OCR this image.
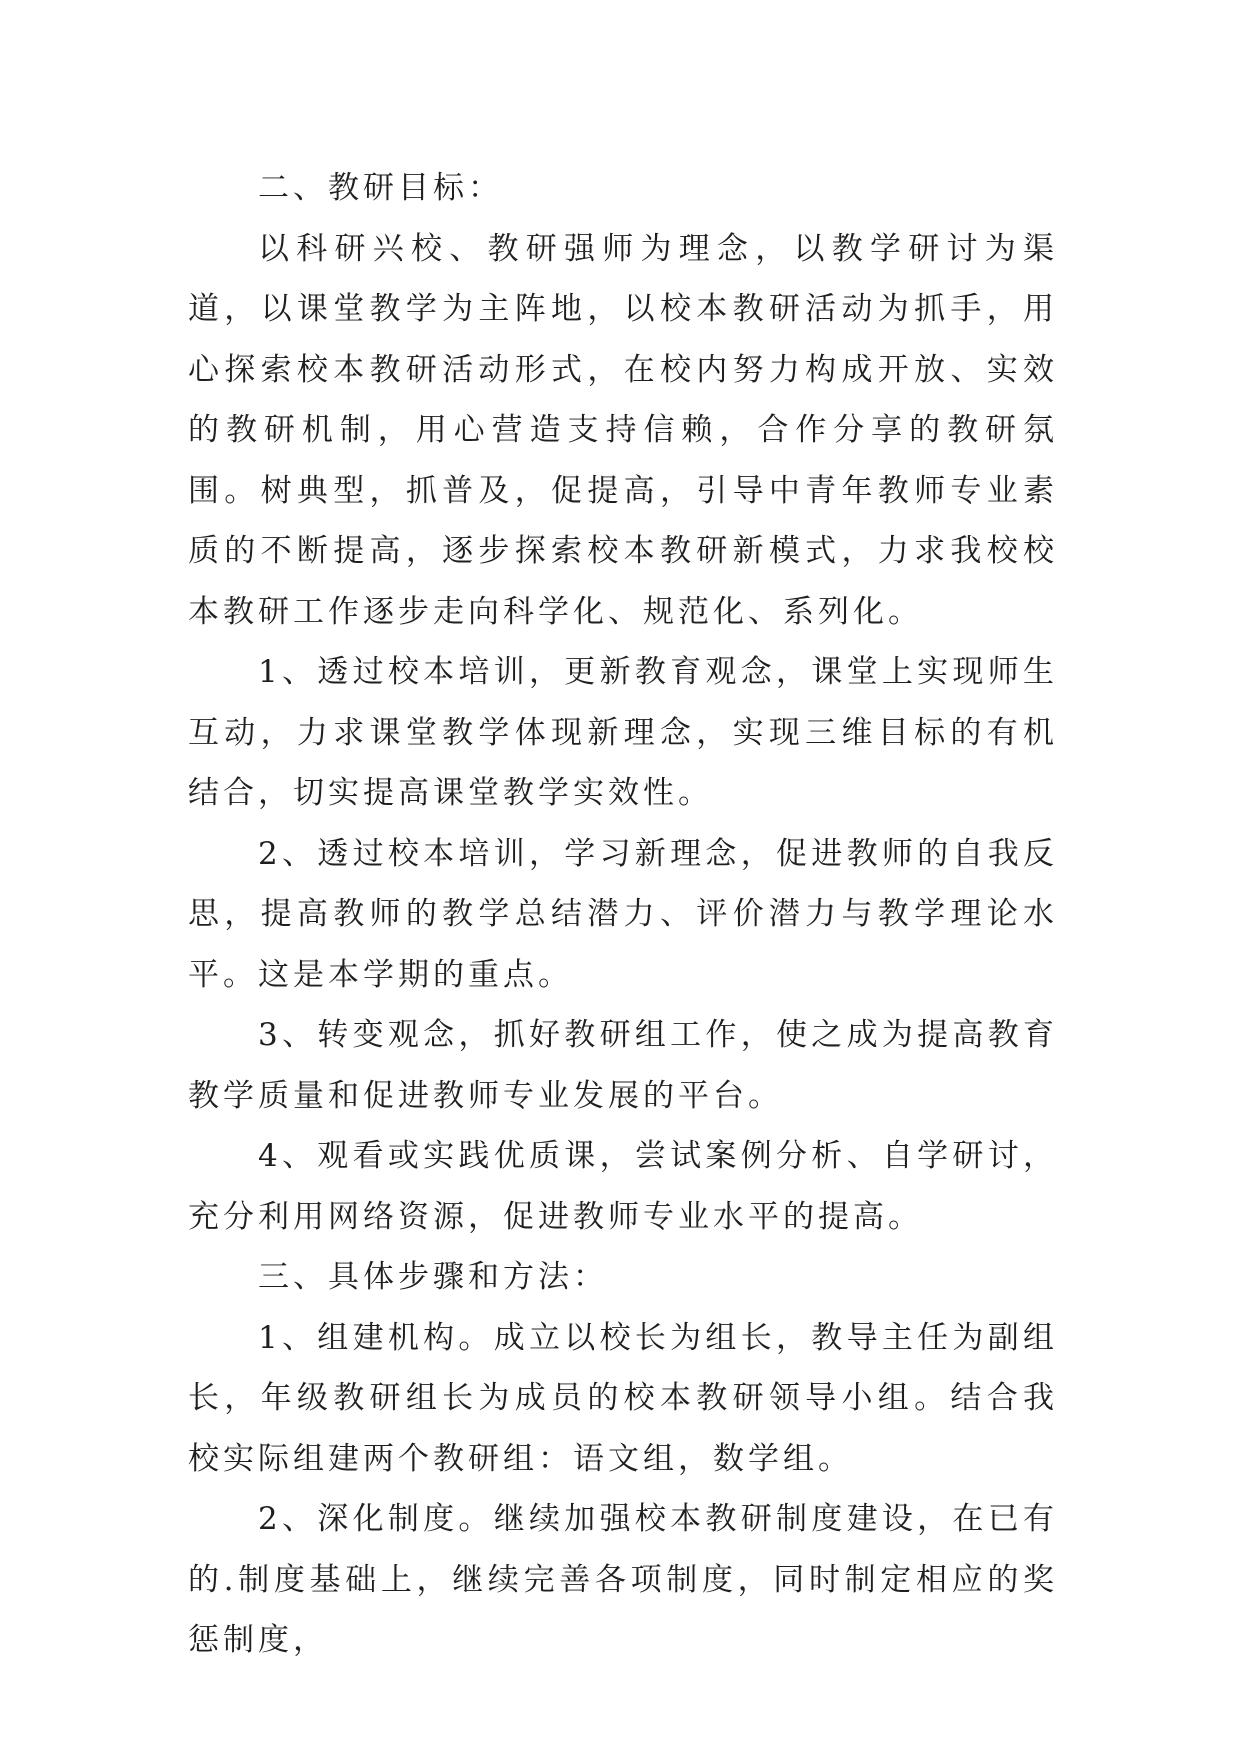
二、教研目标：

以科研兴校、教研强师为理念，以教学研讨为渠道，以课堂教学为主阵地，以校本教研活动为抓手，用心探索校本教研活动形式，在校内努力构成开放、实效的教研机制，用心营造支持信赖，合作分享的教研氛围。树典型，抓普及，促提高，引导中青年教师专业素质的不断提高，逐步探索校本教研新模式，力求我校校本教研工作逐步走向科学化、规范化、系列化。

1、透过校本培训，更新教育观念，课堂上实现师生互动，力求课堂教学体现新理念，实现三维目标的有机结合，切实提高课堂教学实效性。

2、透过校本培训，学习新理念，促进教师的自我反思，提高教师的教学总结潜力、评价潜力与教学理论水平。这是本学期的重点。

3、转变观念，抓好教研组工作，使之成为提高教育教学质量和促进教师专业发展的平台。

4、观看或实践优质课，尝试案例分析、自学研讨，充分利用网络资源，促进教师专业水平的提高。

三、具体步骤和方法：

1、组建机构。成立以校长为组长，教导主任为副组长，年级教研组长为成员的校本教研领导小组。结合我校实际组建两个教研组：语文组，数学组。

2、深化制度。继续加强校本教研制度建设，在已有的.制度基础上，继续完善各项制度，同时制定相应的奖惩制度，
